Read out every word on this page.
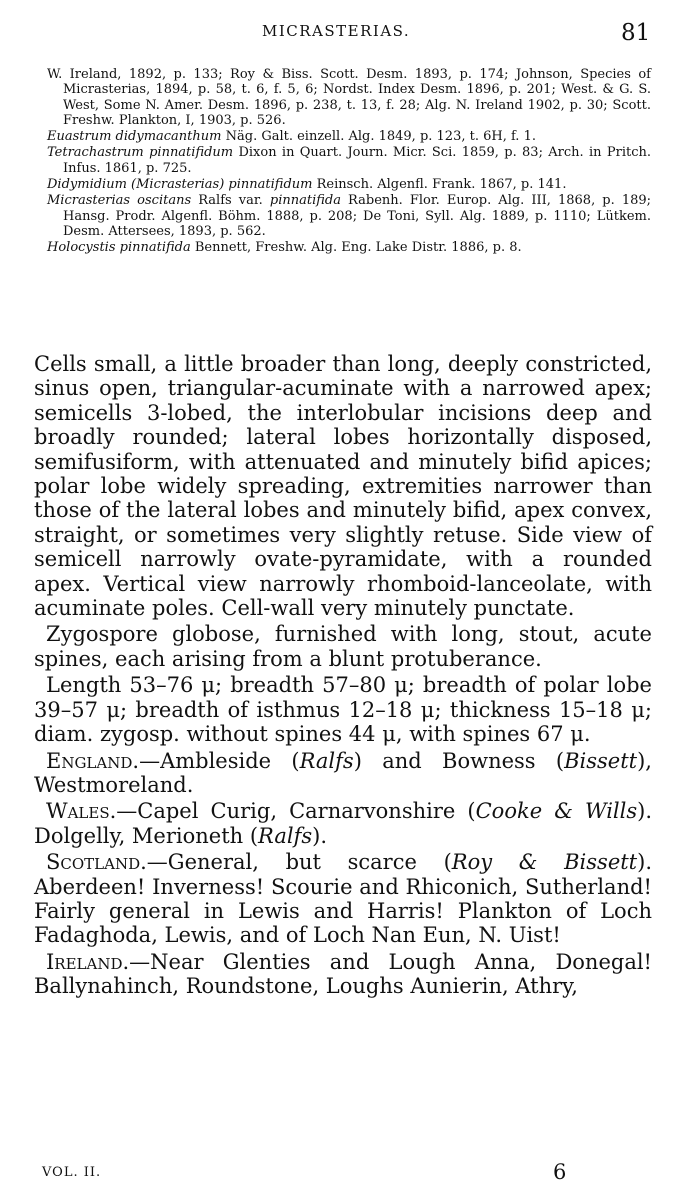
MICRASTERIAS.	81

W. Ireland, 1892, p. 133; Roy & Biss. Scott. Desm. 1893, p. 174; Johnson, Species of Micrasterias, 1894, p. 58, t. 6, f. 5, 6; Nordst. Index Desm. 1896, p. 201; West. & G. S. West, Some N. Amer. Desm. 1896, p. 238, t. 13, f. 28; Alg. N. Ireland 1902, p. 30; Scott. Freshw. Plankton, I, 1903, p. 526.

Euastrum didymacanthum Näg. Galt. einzell. Alg. 1849, p. 123, t. 6H, f. 1.

Tetrachastrum pinnatifidum Dixon in Quart. Journ. Micr. Sci. 1859, p. 83; Arch. in Pritch. Infus. 1861, p. 725.

Didymidium (Micrasterias) pinnatifidum Reinsch. Algenfl. Frank. 1867, p. 141.

Micrasterias oscitans Ralfs var. pinnatifida Rabenh. Flor. Europ. Alg. III, 1868, p. 189; Hansg. Prodr. Algenfl. Böhm. 1888, p. 208; De Toni, Syll. Alg. 1889, p. 1110; Lütkem. Desm. Attersees, 1893, p. 562.

Holocystis pinnatifida Bennett, Freshw. Alg. Eng. Lake Distr. 1886, p. 8.

Cells small, a little broader than long, deeply constricted, sinus open, triangular-acuminate with a narrowed apex; semicells 3-lobed, the interlobular incisions deep and broadly rounded; lateral lobes horizontally disposed, semifusiform, with attenuated and minutely bifid apices; polar lobe widely spreading, extremities narrower than those of the lateral lobes and minutely bifid, apex convex, straight, or sometimes very slightly retuse. Side view of semicell narrowly ovate-pyramidate, with a rounded apex. Vertical view narrowly rhomboid-lanceolate, with acuminate poles. Cell-wall very minutely punctate.

Zygospore globose, furnished with long, stout, acute spines, each arising from a blunt protuberance.

Length 53–76 μ; breadth 57–80 μ; breadth of polar lobe 39–57 μ; breadth of isthmus 12–18 μ; thickness 15–18 μ; diam. zygosp. without spines 44 μ, with spines 67 μ.

England.—Ambleside (Ralfs) and Bowness (Bissett), Westmoreland.

Wales.—Capel Curig, Carnarvonshire (Cooke & Wills). Dolgelly, Merioneth (Ralfs).

Scotland.—General, but scarce (Roy & Bissett). Aberdeen! Inverness! Scourie and Rhiconich, Sutherland! Fairly general in Lewis and Harris! Plankton of Loch Fadaghoda, Lewis, and of Loch Nan Eun, N. Uist!

Ireland.—Near Glenties and Lough Anna, Donegal! Ballynahinch, Roundstone, Loughs Aunierin, Athry,

VOL. II.	6
